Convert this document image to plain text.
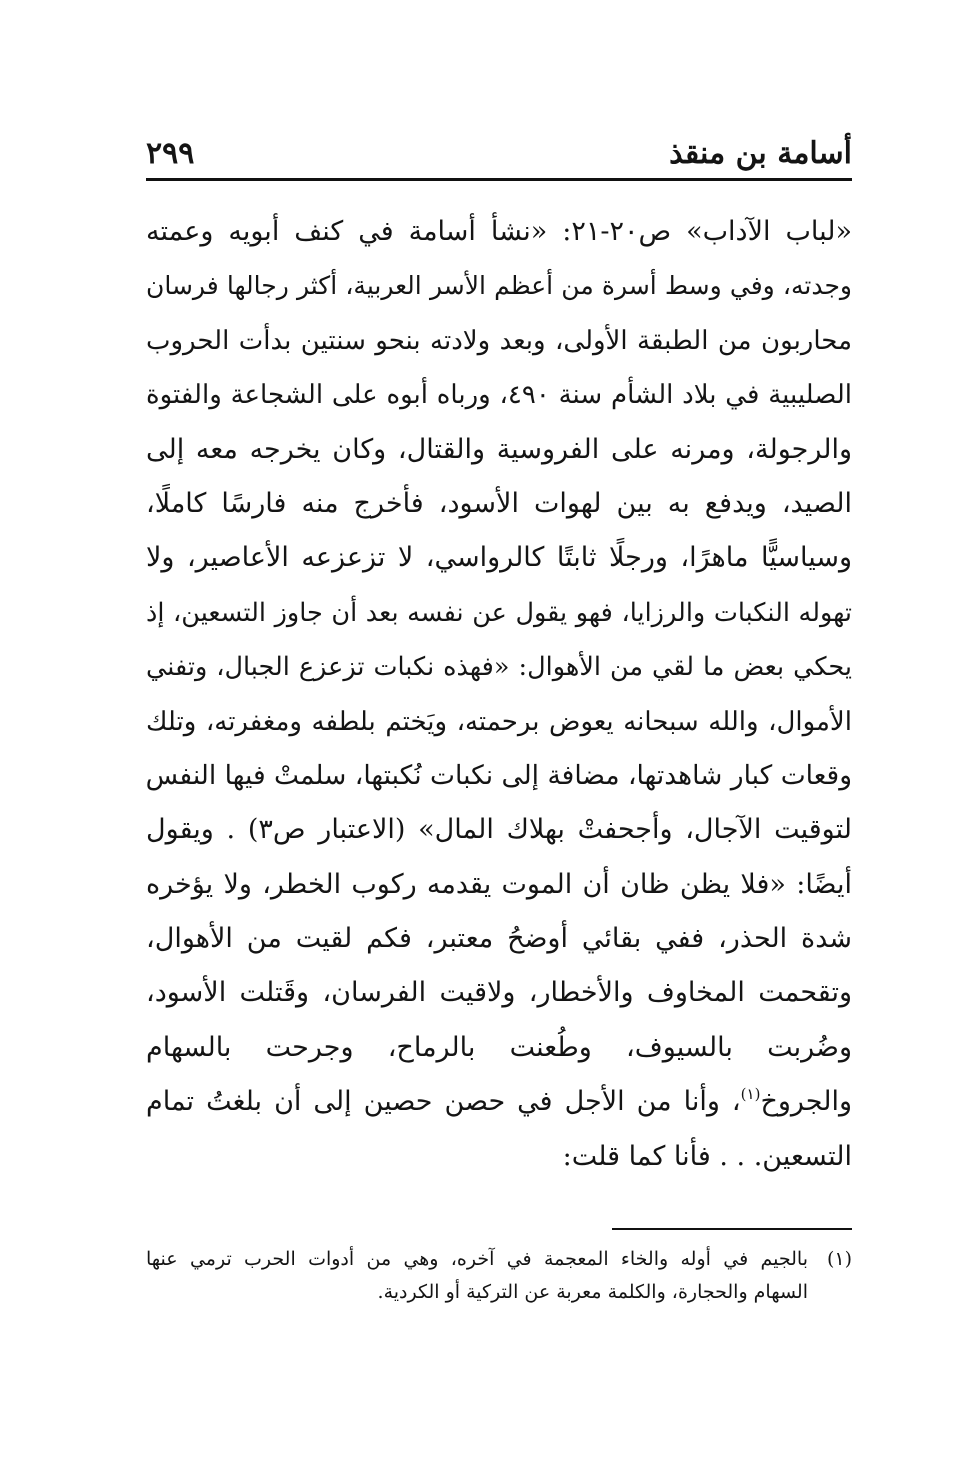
أسامة بن منقذ
٢٩٩
«لباب الآداب» ص٢٠-٢١: «نشأ أسامة في كنف أبويه وعمته
وجدته، وفي وسط أسرة من أعظم الأسر العربية، أكثر رجالها فرسان
محاربون من الطبقة الأولى، وبعد ولادته بنحو سنتين بدأت الحروب
الصليبية في بلاد الشأم سنة ٤٩٠، ورباه أبوه على الشجاعة والفتوة
والرجولة، ومرنه على الفروسية والقتال، وكان يخرجه معه إلى
الصيد، ويدفع به بين لهوات الأسود، فأخرج منه فارسًا كاملًا،
وسياسيًّا ماهرًا، ورجلًا ثابتًا كالرواسي، لا تزعزعه الأعاصير، ولا
تهوله النكبات والرزايا، فهو يقول عن نفسه بعد أن جاوز التسعين، إذ
يحكي بعض ما لقي من الأهوال: «فهذه نكبات تزعزع الجبال، وتفني
الأموال، والله سبحانه يعوض برحمته، ويَختم بلطفه ومغفرته، وتلك
وقعات كبار شاهدتها، مضافة إلى نكبات نُكبتها، سلمتْ فيها النفس
لتوقيت الآجال، وأجحفتْ بهلاك المال» (الاعتبار ص٣) . ويقول
أيضًا: «فلا يظن ظان أن الموت يقدمه ركوب الخطر، ولا يؤخره
شدة الحذر، ففي بقائي أوضحُ معتبر، فكم لقيت من الأهوال،
وتقحمت المخاوف والأخطار، ولاقيت الفرسان، وقَتلت الأسود،
وضُربت بالسيوف، وطُعنت بالرماح، وجرحت بالسهام
والجروخ$^{(١)}$، وأنا من الأجل في حصن حصين إلى أن بلغتُ تمام
التسعين. . . فأنا كما قلت:
(١)
بالجيم في أوله والخاء المعجمة في آخره، وهي من أدوات الحرب ترمي عنها
السهام والحجارة، والكلمة معربة عن التركية أو الكردية.
